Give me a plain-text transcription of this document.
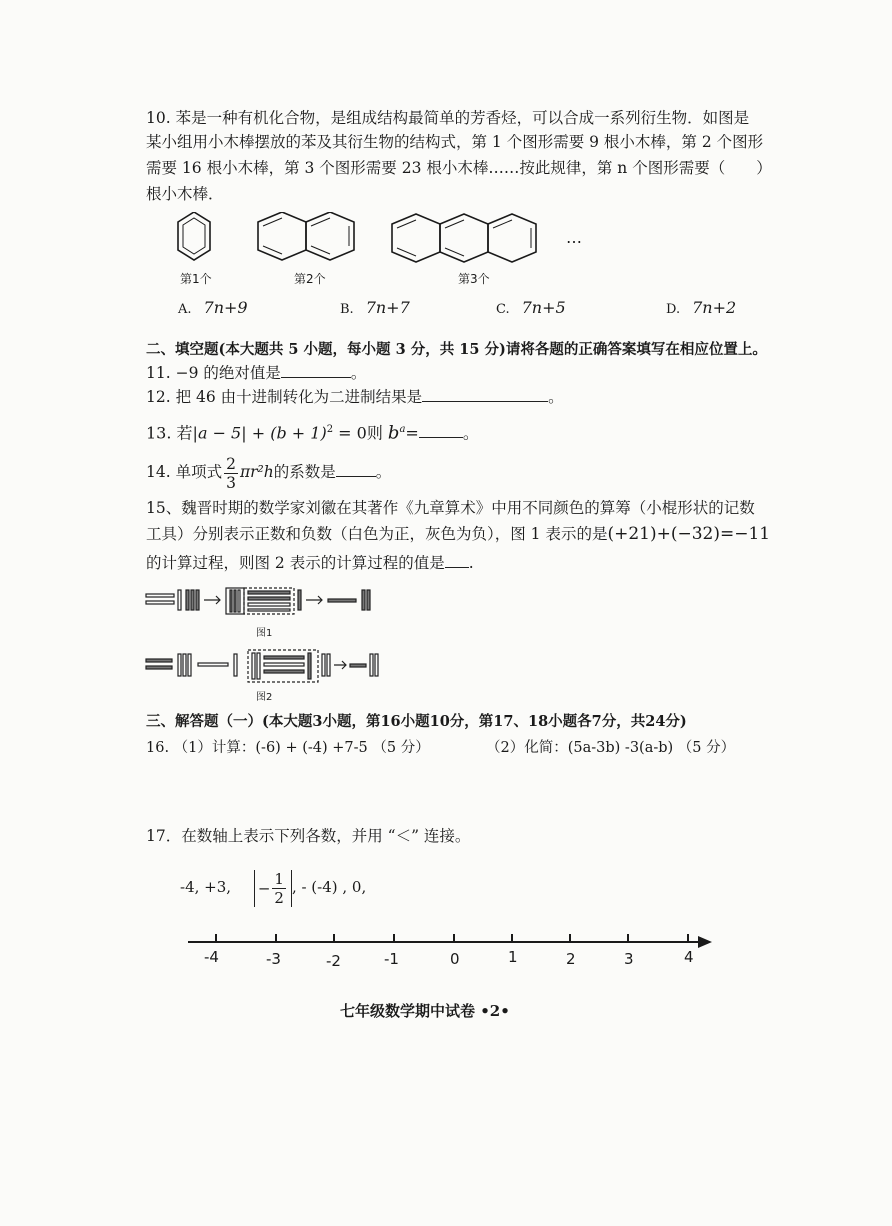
10. 苯是一种有机化合物，是组成结构最简单的芳香烃，可以合成一系列衍生物．如图是
某小组用小木棒摆放的苯及其衍生物的结构式，第 1 个图形需要 9 根小木棒，第 2 个图形
需要 16 根小木棒，第 3 个图形需要 23 根小木棒……按此规律，第 n 个图形需要（　　）
根小木棒．
…
第1个	第2个	第3个
A. 7n+9	B. 7n+7	C. 7n+5	D. 7n+2
二、填空题(本大题共 5 小题，每小题 3 分，共 15 分)请将各题的正确答案填写在相应位置上。
11. −9 的绝对值是	。
12. 把 46 由十进制转化为二进制结果是	。
13. 若$|a - 5| + (b + 1)^2 = 0$则 $b^a=$	。
14. 单项式 $\frac{2}{3} \pi r^2h$的系数是	。
15、魏晋时期的数学家刘徽在其著作《九章算术》中用不同颜色的算筹（小棍形状的记数
工具）分别表示正数和负数（白色为正，灰色为负），图 1 表示的是(+21)+(−32)=−11
的计算过程，则图 2 表示的计算过程的值是 .
图1
图2
三、解答题（一）(本大题3小题，第16小题10分，第17、18小题各7分，共24分)
16. （1）计算：(-6) + (-4) +7-5 （5 分）	（2）化简：(5a-3b) -3(a-b) （5 分）
17．在数轴上表示下列各数，并用 “＜” 连接。
-4, +3, − $\frac{1}{2}$ , - (-4) , 0,
-4	-3	-2	-1	0	1	2	3	4
七年级数学期中试卷 •2•
